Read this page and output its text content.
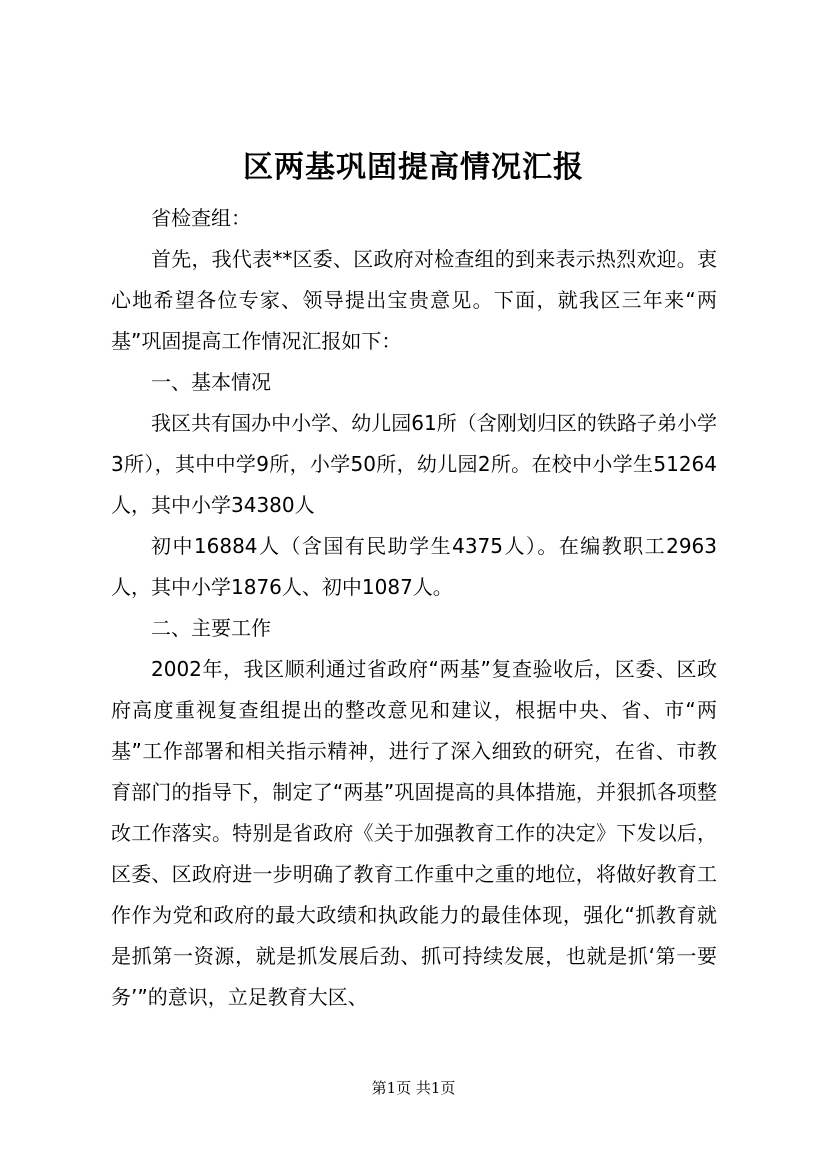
区两基巩固提高情况汇报

省检查组：

首先，我代表**区委、区政府对检查组的到来表示热烈欢迎。衷心地希望各位专家、领导提出宝贵意见。下面，就我区三年来“两基”巩固提高工作情况汇报如下：

一、基本情况

我区共有国办中小学、幼儿园61所（含刚划归区的铁路子弟小学3所），其中中学9所，小学50所，幼儿园2所。在校中小学生51264人，其中小学34380人

初中16884人（含国有民助学生4375人）。在编教职工2963人，其中小学1876人、初中1087人。

二、主要工作

2002年，我区顺利通过省政府“两基”复查验收后，区委、区政府高度重视复查组提出的整改意见和建议，根据中央、省、市“两基”工作部署和相关指示精神，进行了深入细致的研究，在省、市教育部门的指导下，制定了“两基”巩固提高的具体措施，并狠抓各项整改工作落实。特别是省政府《关于加强教育工作的决定》下发以后，区委、区政府进一步明确了教育工作重中之重的地位，将做好教育工作作为党和政府的最大政绩和执政能力的最佳体现，强化“抓教育就是抓第一资源，就是抓发展后劲、抓可持续发展，也就是抓‘第一要务’”的意识，立足教育大区、

第1页 共1页
